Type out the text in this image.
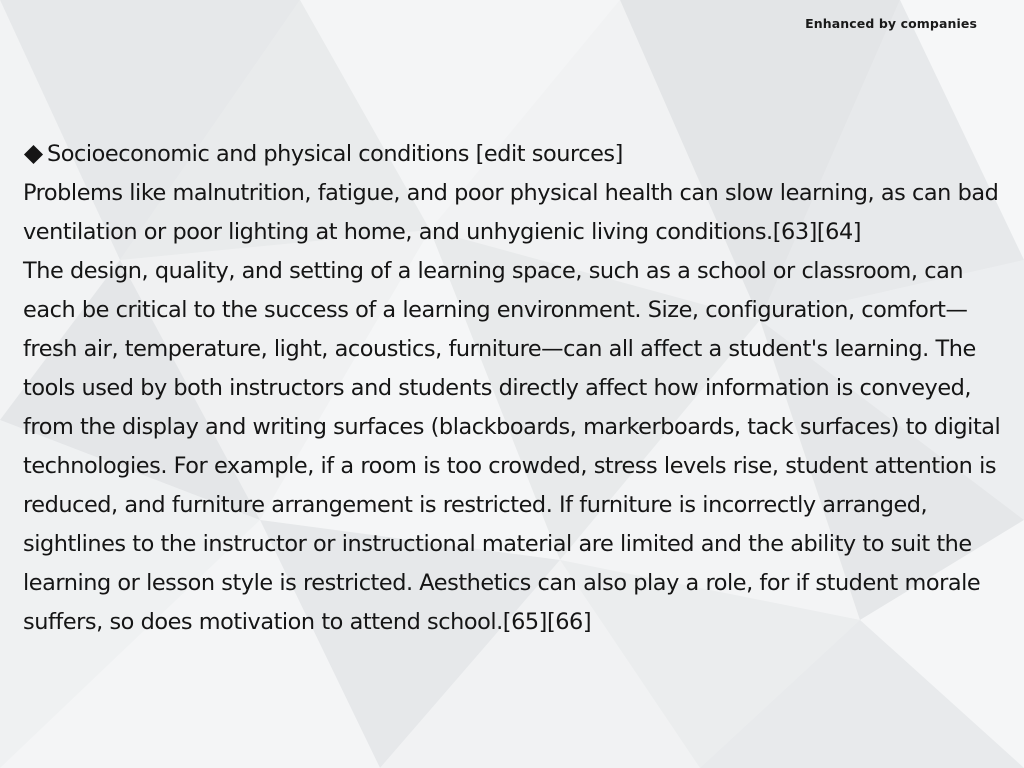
Enhanced by companies
Socioeconomic and physical conditions
[edit sources]

Problems like malnutrition, fatigue, and poor physical health can slow learning, as can bad ventilation or poor lighting at home, and unhygienic living conditions.[63][64]

The design, quality, and setting of a learning space, such as a school or classroom, can each be critical to the success of a learning environment. Size, configuration, comfort—fresh air, temperature, light, acoustics, furniture—can all affect a student's learning. The tools used by both instructors and students directly affect how information is conveyed, from the display and writing surfaces (blackboards, markerboards, tack surfaces) to digital technologies. For example, if a room is too crowded, stress levels rise, student attention is reduced, and furniture arrangement is restricted. If furniture is incorrectly arranged, sightlines to the instructor or instructional material are limited and the ability to suit the learning or lesson style is restricted. Aesthetics can also play a role, for if student morale suffers, so does motivation to attend school.[65][66]
